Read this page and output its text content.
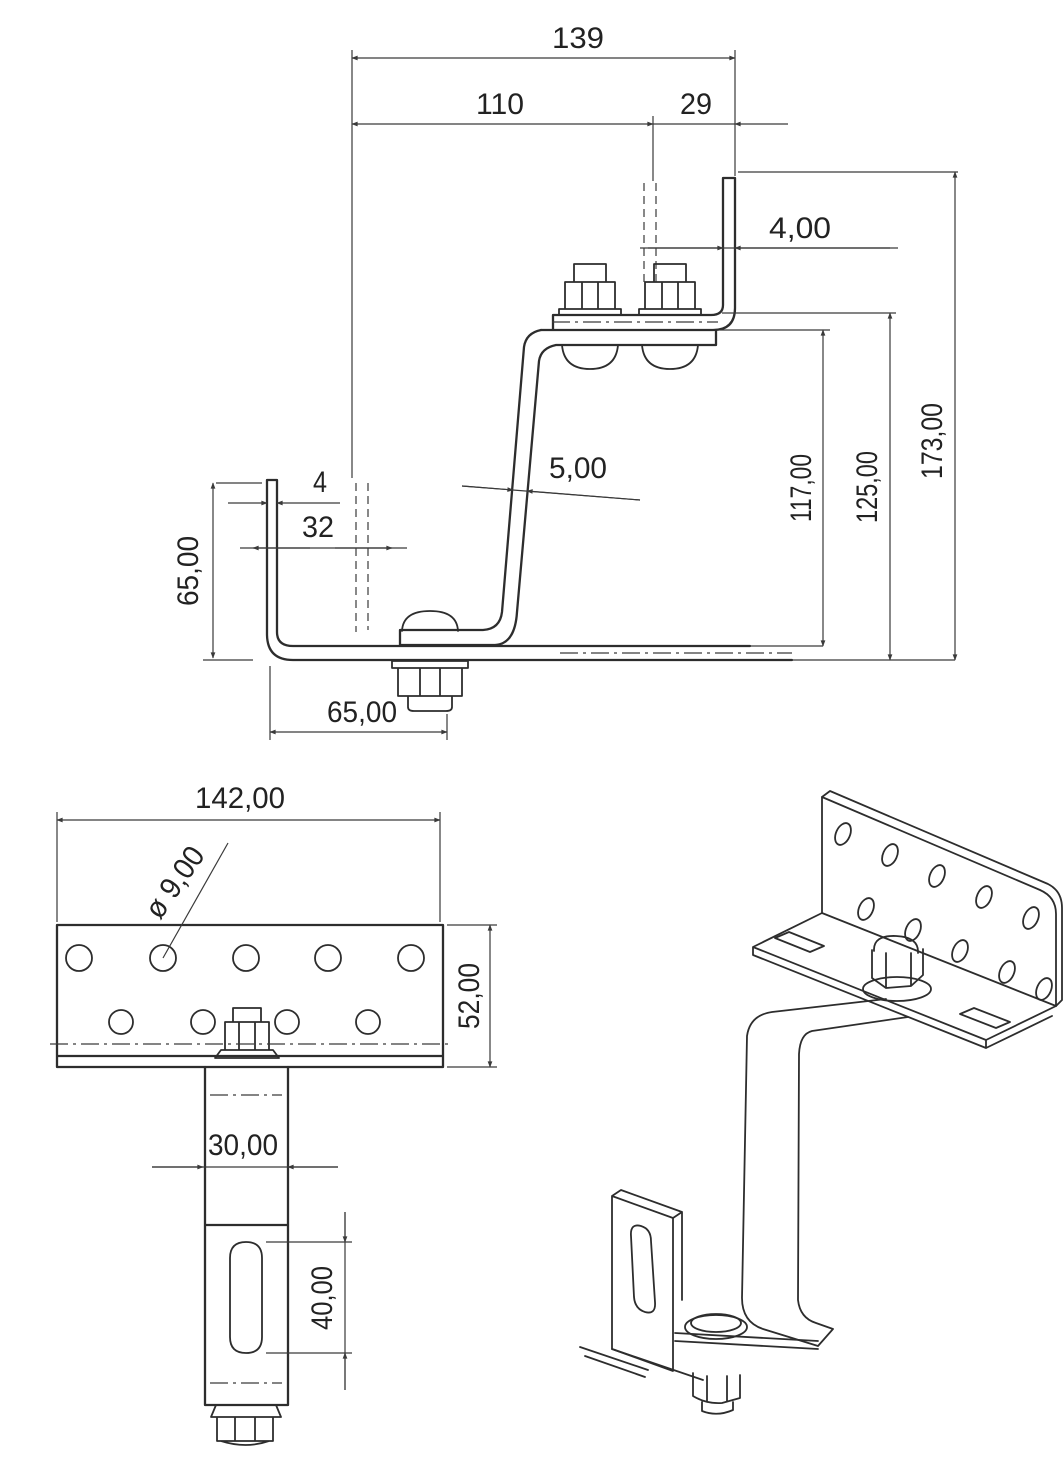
139
110	29
4,00
5,00
4
32
65,00
65,00
117,00 125,00 173,00
142,00
ø 9,00
52,00
30,00
40,00
